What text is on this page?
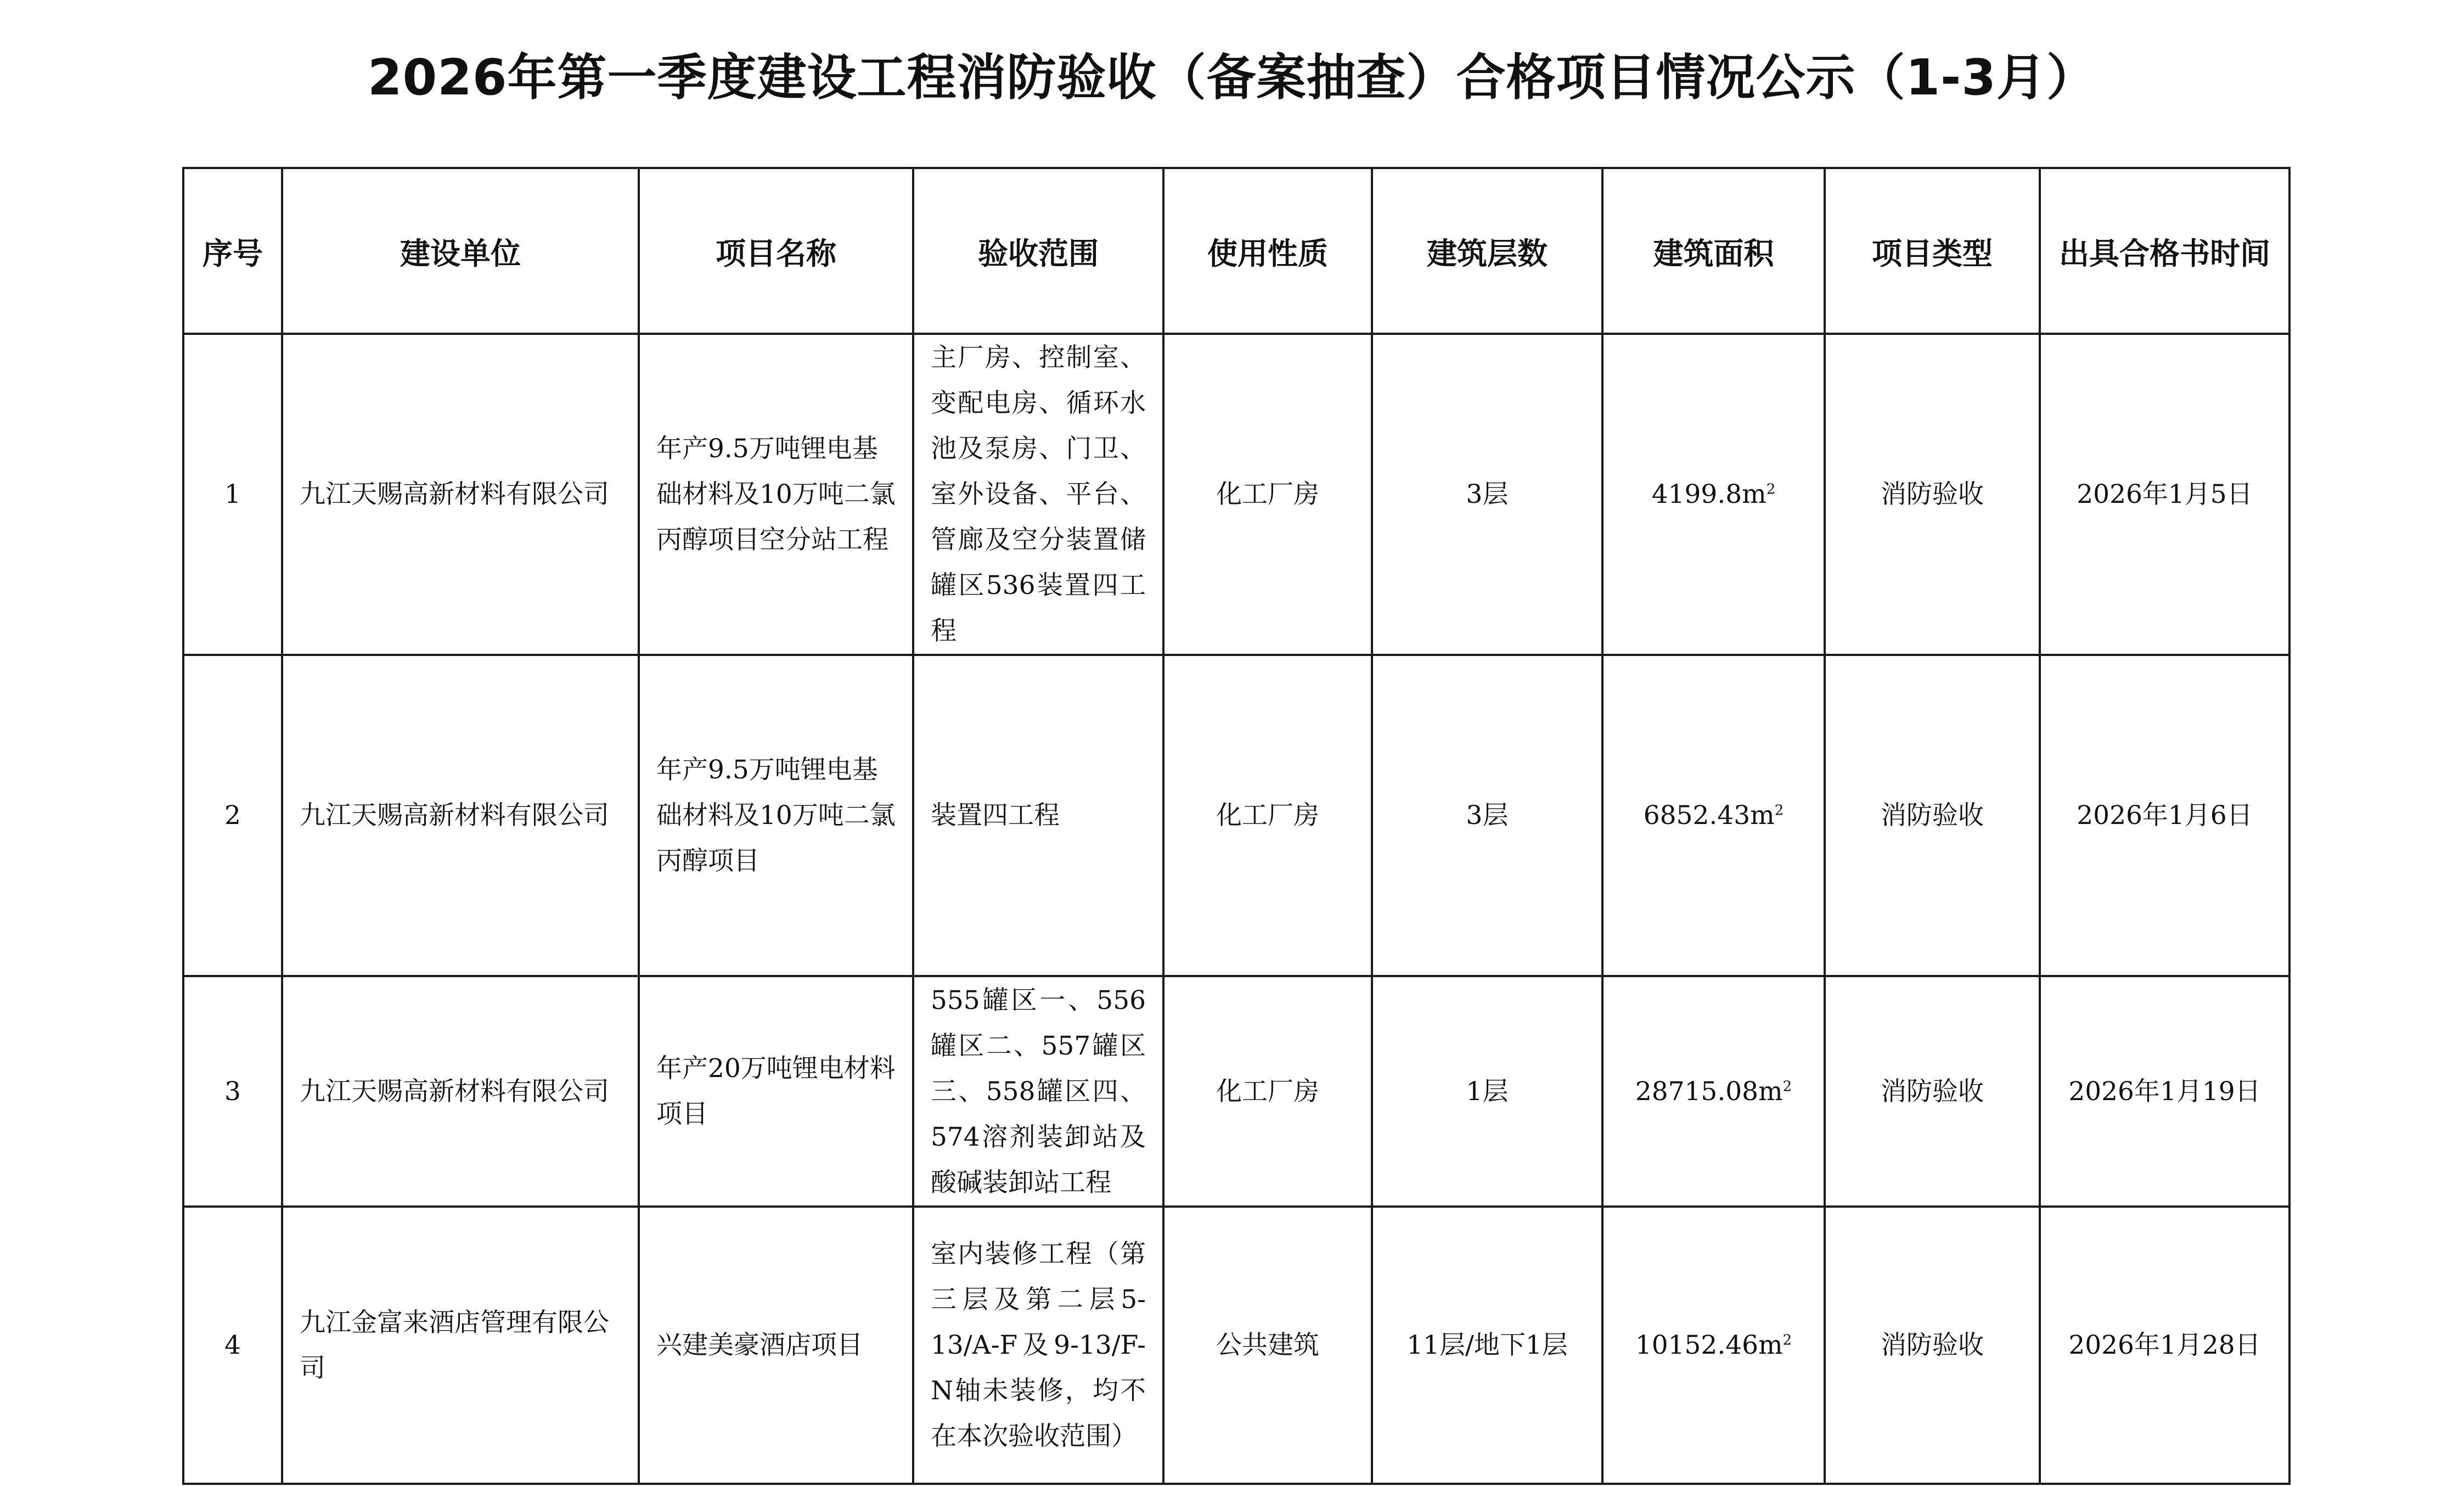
2026年第一季度建设工程消防验收（备案抽查）合格项目情况公示（1-3月）
序号	建设单位	项目名称	验收范围	使用性质	建筑层数	建筑面积	项目类型	出具合格书时间
1	九江天赐高新材料有限公司	年产9.5万吨锂电基础材料及10万吨二氯丙醇项目空分站工程	主厂房、控制室、变配电房、循环水池及泵房、门卫、室外设备、平台、管廊及空分装置储罐区536装置四工程	化工厂房	3层	$4199.8m^2$	消防验收	2026年1月5日
2	九江天赐高新材料有限公司	年产9.5万吨锂电基础材料及10万吨二氯丙醇项目	装置四工程	化工厂房	3层	$6852.43m^2$	消防验收	2026年1月6日
3	九江天赐高新材料有限公司	年产20万吨锂电材料项目	555罐区一、556罐区二、557罐区三、558罐区四、574溶剂装卸站及酸碱装卸站工程	化工厂房	1层	$28715.08m^2$	消防验收	2026年1月19日
4	九江金富来酒店管理有限公司	兴建美豪酒店项目	室内装修工程（第三层及第二层5-13/A-F及9-13/F-N轴未装修，均不在本次验收范围）	公共建筑	11层/地下1层	$10152.46m^2$	消防验收	2026年1月28日
